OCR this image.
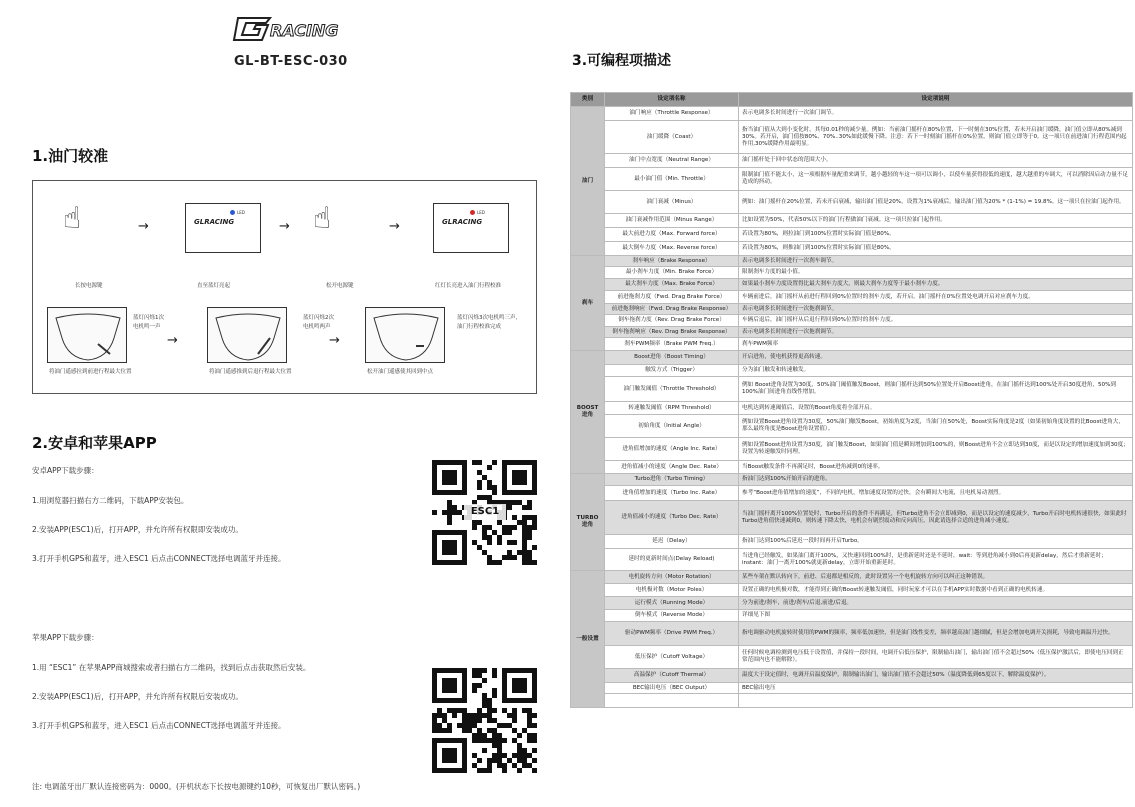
RACING
GL-BT-ESC-030
1.油门较准
☝	→
LED
GLRACING	→ ☝	→
LED
GLRACING
长按电源键	直至蓝灯亮起	松开电源键	红灯长亮进入油门行程校准
蓝灯闪烁1次
电机鸣一声
→
蓝灯闪烁2次
电机鸣两声
→
蓝灯闪烁3次电机鸣三声,
油门行程校准完成
将油门遥感拉到前进行程最大位置	将油门遥感推到后退行程最大位置	松开油门遥感使其回到中点
2.安卓和苹果APP
安卓APP下载步骤：
1.用浏览器扫描右方二维码，下载APP安装包。
2.安装APP(ESC1)后，打开APP，并允许所有权限即安装成功。
3.打开手机GPS和蓝牙，进入ESC1 后点击CONNECT选择电调蓝牙并连接。
ESC1
苹果APP下载步骤：
1.用 “ESC1” 在苹果APP商城搜索或者扫描右方二维码，找到后点击获取然后安装。
2.安装APP(ESC1)后，打开APP，并允许所有权限后安装成功。
3.打开手机GPS和蓝牙，进入ESC1 后点击CONNECT选择电调蓝牙并连接。
注: 电调蓝牙出厂默认连接密码为：0000。(开机状态下长按电源键约10秒，可恢复出厂默认密码。)
3.可编程项描述
类别	设定项名称	设定项说明
油门	油门响应（Throttle Response）	表示电调多长时间进行一次油门调节。
	油门缓降（Coast）	指当油门值从大到小变化时，其每0.01秒的减少量。例如：当前油门摇杆在80%位置，下一时刻在30%位置，若未开启油门缓降，油门值立即从80%减到30%。若开启，油门值按80%、70%..30%如此缓慢下降。注意：若下一时刻油门摇杆在0%位置，则油门值立即等于0。这一项只在前进油门行程范围内起作用,30%缓降作用最明显。
	油门中点宽度（Neutral Range）	油门摇杆处于回中状态的范围大小。
	最小油门值（Min. Throttle）	限制油门值不能太小，这一项根据车量配重来调节，越小越轻的车这一项可以调小，以使车量获得很低的速度，越大越重的车调大，可以消除因启动力量不足造成的抖动。
	油门衰减（Minus）	例如：油门摇杆在20%位置，若未开启衰减，输出油门值是20%，设置为1%衰减后，输出油门值为20% * (1-1%) = 19.8%。这一项只在拉油门起作用。
	油门衰减作用范围（Minus Range）	比如设置为50%，代表50%以下的油门行程做油门衰减。这一项只拉油门起作用。
	最大前进力度（Max. Forward force）	若设置为80%，则拉油门到100%位置时实际油门值是80%。
	最大倒车力度（Max. Reverse force）	若设置为80%，则推油门到100%位置时实际油门值是80%。
刹车	刹车响应（Brake Response）	表示电调多长时间进行一次刹车调节。
	最小刹车力度（Min. Brake Force）	限制刹车力度的最小值。
	最大刹车力度（Max. Brake Force）	如果最小刹车力度设置得比最大刹车力度大，则最大刹车力度等于最小刹车力度。
	前进拖刹力度（Fwd. Drag Brake Force）	车辆前进后，油门摇杆从前进行程回到0%位置时的刹车力度，若开启，油门摇杆在0%位置处电调开启对应刹车力度。
	前进拖刹响应（Fwd. Drag Brake Response）	表示电调多长时间进行一次拖刹调节。
	倒车拖刹力度（Rev. Drag Brake Force）	车辆后退后，油门摇杆从后退行程回到0%位置时的刹车力度。
	倒车拖刹响应（Rev. Drag Brake Response）	表示电调多长时间进行一次拖刹调节。
	刹车PWM频率（Brake PWM Freq.）	刹车PWM频率
BOOST进角	Boost进角（Boost Timing）	开启进角，使电机获得更高转速。
	触发方式（Trigger）	分为油门触发和转速触发。
	油门触发阈值（Throttle Threshold）	例如 Boost进角设置为30度，50%油门阈值触发Boost，则油门摇杆达到50%位置处开启Boost进角，在油门摇杆达到100%处开启30度进角，50%到100%油门间进角直线性增加。
	转速触发阈值（RPM Threshold）	电机达到转速阈值后，设置的Boost角度将全部开启。
	初始角度（Initial Angle）	例如设置Boost进角设置为30度，50%油门触发Boost，初始角度为2度，当油门在50%处，Boost实际角度是2度（如果初始角度设置的比Boost进角大，那么最终角度是Boost进角设置值）。
	进角值增加的速度（Angle Inc. Rate）	例如设置Boost进角设置为30度，油门触发Boost，如果油门值是瞬间增加到100%的，则Boost进角不会立即达到30度，而是以设定的增加速度加到30度；设置为转速触发时同理。
	进角值减小的速度（Angle Dec. Rate）	当Boost触发条件不再满足时，Boost进角减到0的速率。
TURBO进角	Turbo进角（Turbo Timing）	指油门达到100%开始开启的进角。
	进角值增加的速度（Turbo Inc. Rate）	参考“Boost进角值增加的速度”，不同的电机，增加速度设置的过快，会有瞬间大电流，且电机易动割烈。
	进角值减小的速度（Turbo Dec. Rate）	当油门摇杆离开100%位置处时，Turbo开启的条件不再满足，但Turbo进角不会立即减到0，而是以设定的速度减少，Turbo开启时电机转速很快，如果此时Turbo进角值快速减到0，则转速下降太快，电机会有剧烈震动和反向高压，因此请选择合适的进角减小速度。
	延迟（Delay）	指油门达到100%后延迟一段时间再开启Turbo。
	延时的更新时间点(Delay Reload)	当进角已经触发，如果油门离开100%，又快速回到100%时，是重新延时还是不延时，wait：等到进角减小到0后再更新delay，然后才重新延时；instant：油门一离开100%就更新delay，立即开始重新延时。
一般设置	电机旋转方向（Motor Rotation）	某些车架在默认转向下，前进、后退都是相反的，此时设置另一个电机旋转方向可以纠正这种错误。
	电机极对数（Motor Poles）	设置正确的电机极对数，才能得到正确的Boost转速触发阈值，同时玩家才可以在手机APP实时数据中看到正确的电机转速。
	运行模式（Running Mode）	分为前进/刹车，前进/刹车/后退,前进/后退。
	倒车模式（Reverse Mode）	详细见下图
	驱动PWM频率（Drive PWM Freq.）	指电调驱动电机旋转时使用的PWM的频率，频率低加速快，但是油门线性变差，频率越高油门越细腻，但是会增加电调开关损耗，导致电调温升过快。
	低压保护（Cutoff Voltage）	任何时候电调检测到电压低于设置值，并保持一段时间，电调开启低压保护，限制输出油门，输出油门值不会超过50%（低压保护激活后，即使电压回到正常范围内也不能解除）。
	高温保护（Cutoff Thermal）	温度大于设定值时，电调开启温度保护，限制输出油门，输出油门值不会超过50%（温度降低到65度以下，解除温度保护）。
	BEC输出电压（BEC Output）	BEC输出电压
